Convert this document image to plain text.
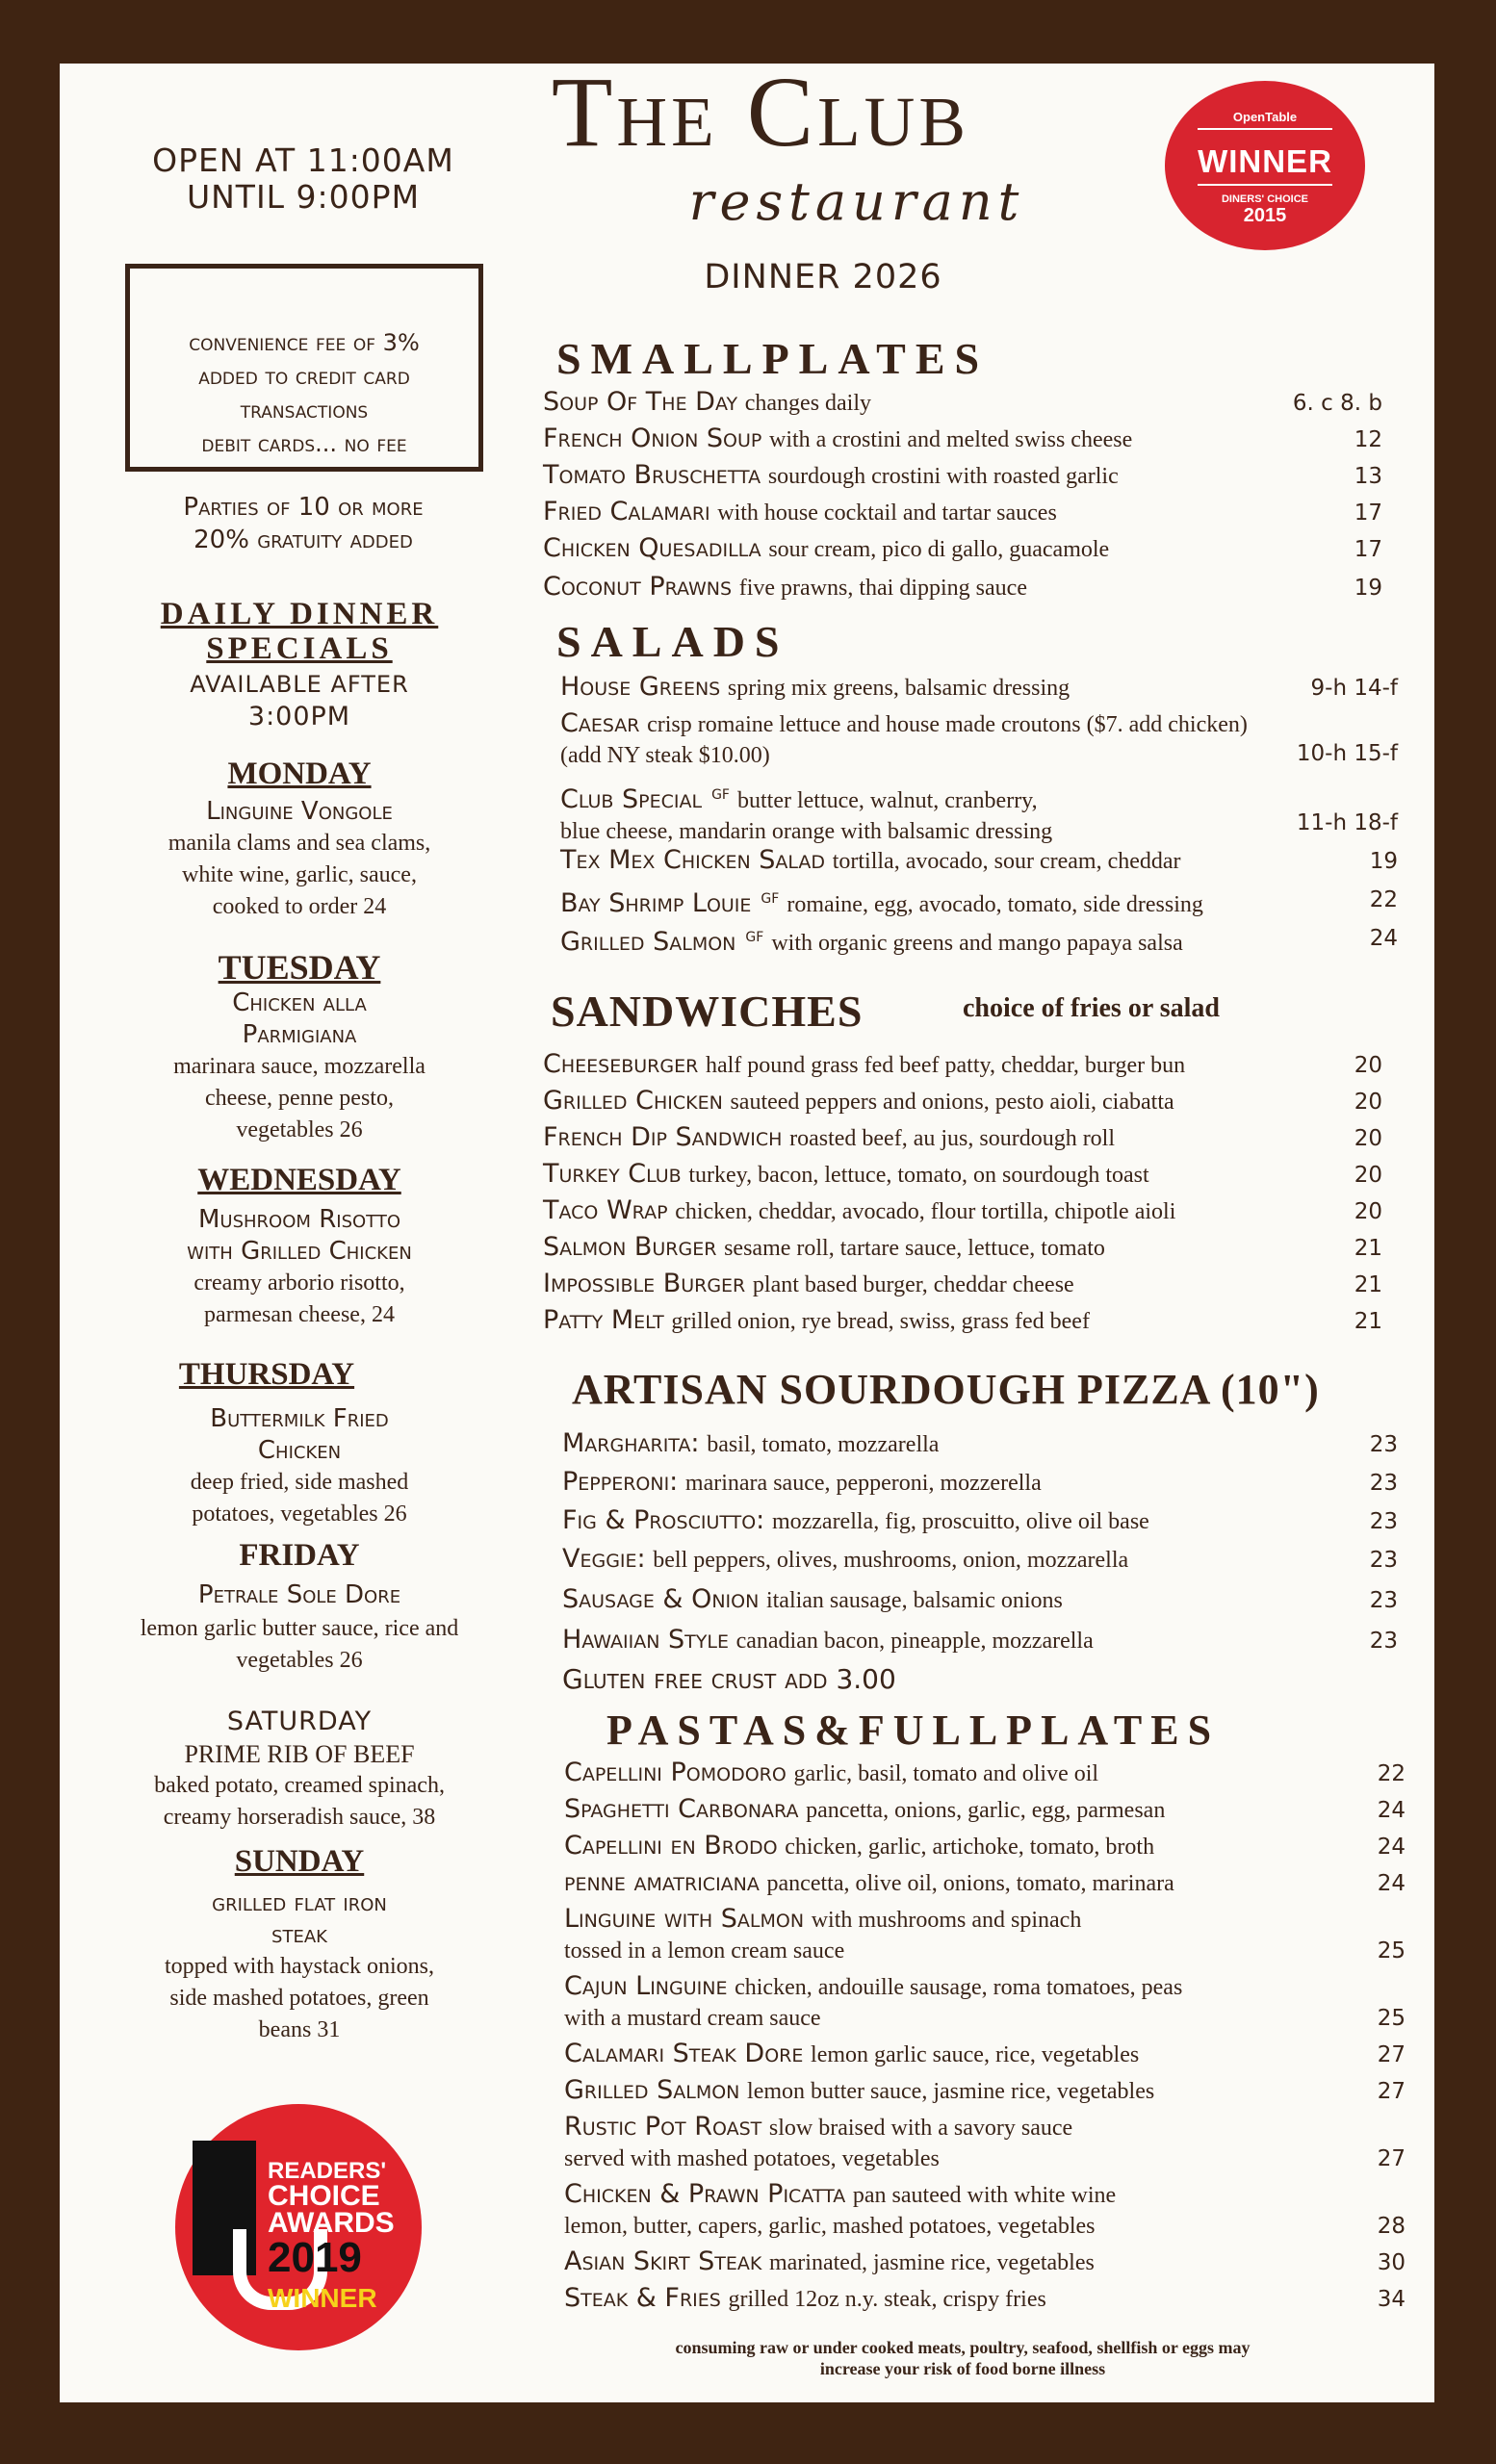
OPEN AT 11:00AM
UNTIL 9:00PM
The Club
restaurant
DINNER 2026
OpenTable
WINNER
DINERS' CHOICE
2015
convenience fee of 3%
added to credit card
transactions
debit cards... no fee
Parties of 10 or more
20% gratuity added
DAILY DINNER
SPECIALS
AVAILABLE AFTER
3:00PM
MONDAY
Linguine Vongole
manila clams and sea clams,
white wine, garlic, sauce,
cooked to order 24
TUESDAY
Chicken alla
Parmigiana
marinara sauce, mozzarella
cheese, penne pesto,
vegetables 26
WEDNESDAY
Mushroom Risotto
with Grilled Chicken
creamy arborio risotto,
parmesan cheese, 24
THURSDAY
Buttermilk Fried
Chicken
deep fried, side mashed
potatoes, vegetables 26
FRIDAY
Petrale Sole Dore
lemon garlic butter sauce, rice and
vegetables 26
SATURDAY
PRIME RIB OF BEEF
baked potato, creamed spinach,
creamy horseradish sauce, 38
SUNDAY
grilled flat iron
steak
topped with haystack onions,
side mashed potatoes, green
beans 31
READERS'
CHOICE
AWARDS
2019
WINNER
SMALLPLATES
Soup Of The Day changes daily	6. c 8. b
French Onion Soup with a crostini and melted swiss cheese	12
Tomato Bruschetta sourdough crostini with roasted garlic	13
Fried Calamari with house cocktail and tartar sauces	17
Chicken Quesadilla sour cream, pico di gallo, guacamole	17
Coconut Prawns five prawns, thai dipping sauce	19
SALADS
House Greens spring mix greens, balsamic dressing	9-h 14-f
Caesar crisp romaine lettuce and house made croutons ($7. add chicken)
(add NY steak $10.00)	10-h 15-f
Club Special $^{GF}$ butter lettuce, walnut, cranberry,
blue cheese, mandarin orange with balsamic dressing	11-h 18-f
Tex Mex Chicken Salad tortilla, avocado, sour cream, cheddar	19
Bay Shrimp Louie $^{GF}$ romaine, egg, avocado, tomato, side dressing	22
Grilled Salmon $^{GF}$ with organic greens and mango papaya salsa	24
SANDWICHES	choice of fries or salad
Cheeseburger half pound grass fed beef patty, cheddar, burger bun	20
Grilled Chicken sauteed peppers and onions, pesto aioli, ciabatta	20
French Dip Sandwich roasted beef, au jus, sourdough roll	20
Turkey Club turkey, bacon, lettuce, tomato, on sourdough toast	20
Taco Wrap chicken, cheddar, avocado, flour tortilla, chipotle aioli	20
Salmon Burger sesame roll, tartare sauce, lettuce, tomato	21
Impossible Burger plant based burger, cheddar cheese	21
Patty Melt grilled onion, rye bread, swiss, grass fed beef	21
ARTISAN SOURDOUGH PIZZA (10")
Margharita: basil, tomato, mozzarella	23
Pepperoni: marinara sauce, pepperoni, mozzerella	23
Fig & Prosciutto: mozzarella, fig, proscuitto, olive oil base	23
Veggie: bell peppers, olives, mushrooms, onion, mozzarella	23
Sausage & Onion italian sausage, balsamic onions	23
Hawaiian Style canadian bacon, pineapple, mozzarella	23
Gluten free crust add 3.00
PASTAS&FULLPLATES
Capellini Pomodoro garlic, basil, tomato and olive oil	22
Spaghetti Carbonara pancetta, onions, garlic, egg, parmesan	24
Capellini en Brodo chicken, garlic, artichoke, tomato, broth	24
penne amatriciana pancetta, olive oil, onions, tomato, marinara	24
Linguine with Salmon with mushrooms and spinach
tossed in a lemon cream sauce	25
Cajun Linguine chicken, andouille sausage, roma tomatoes, peas
with a mustard cream sauce	25
Calamari Steak Dore lemon garlic sauce, rice, vegetables	27
Grilled Salmon lemon butter sauce, jasmine rice, vegetables	27
Rustic Pot Roast slow braised with a savory sauce
served with mashed potatoes, vegetables	27
Chicken & Prawn Picatta pan sauteed with white wine
lemon, butter, capers, garlic, mashed potatoes, vegetables	28
Asian Skirt Steak marinated, jasmine rice, vegetables	30
Steak & Fries grilled 12oz n.y. steak, crispy fries	34
consuming raw or under cooked meats, poultry, seafood, shellfish or eggs may
increase your risk of food borne illness
